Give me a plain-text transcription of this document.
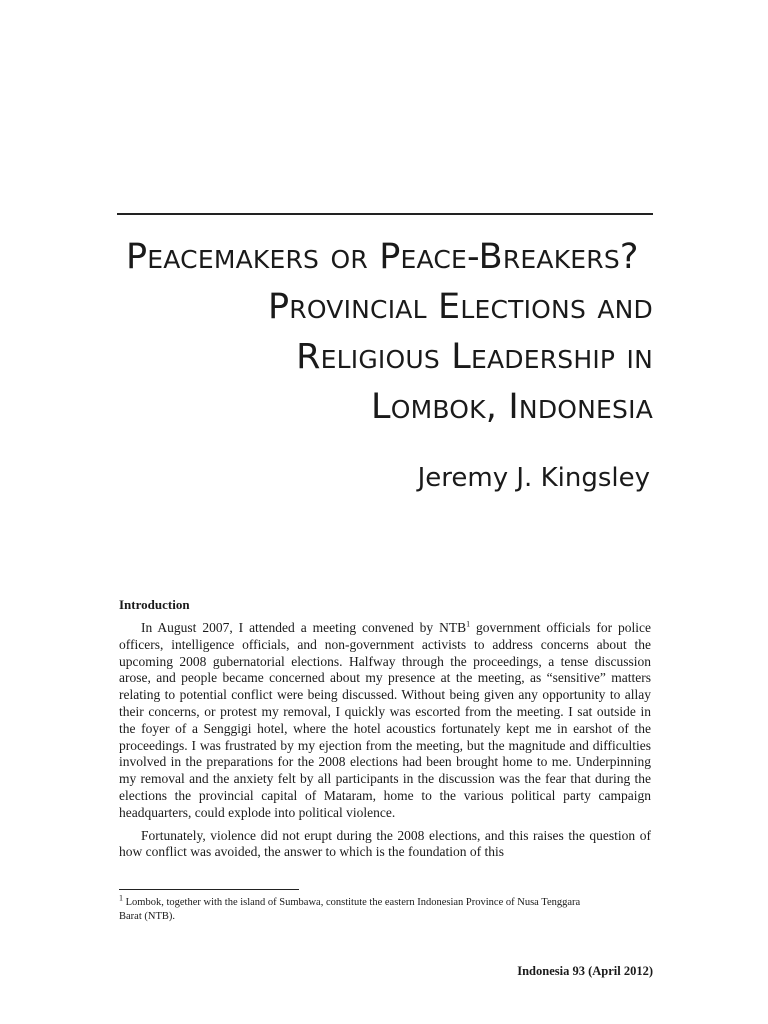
Peacemakers or Peace-Breakers?
Provincial Elections and
Religious Leadership in
Lombok, Indonesia
Jeremy J. Kingsley
Introduction

In August 2007, I attended a meeting convened by NTB$^1$ government officials for police officers, intelligence officials, and non-government activists to address concerns about the upcoming 2008 gubernatorial elections. Halfway through the proceedings, a tense discussion arose, and people became concerned about my presence at the meeting, as “sensitive” matters relating to potential conflict were being discussed. Without being given any opportunity to allay their concerns, or protest my removal, I quickly was escorted from the meeting. I sat outside in the foyer of a Senggigi hotel, where the hotel acoustics fortunately kept me in earshot of the proceedings. I was frustrated by my ejection from the meeting, but the magnitude and difficulties involved in the preparations for the 2008 elections had been brought home to me. Underpinning my removal and the anxiety felt by all participants in the discussion was the fear that during the elections the provincial capital of Mataram, home to the various political party campaign headquarters, could explode into political violence.

Fortunately, violence did not erupt during the 2008 elections, and this raises the question of how conflict was avoided, the answer to which is the foundation of this

$^1$ Lombok, together with the island of Sumbawa, constitute the eastern Indonesian Province of Nusa Tenggara Barat (NTB).
Indonesia 93 (April 2012)
